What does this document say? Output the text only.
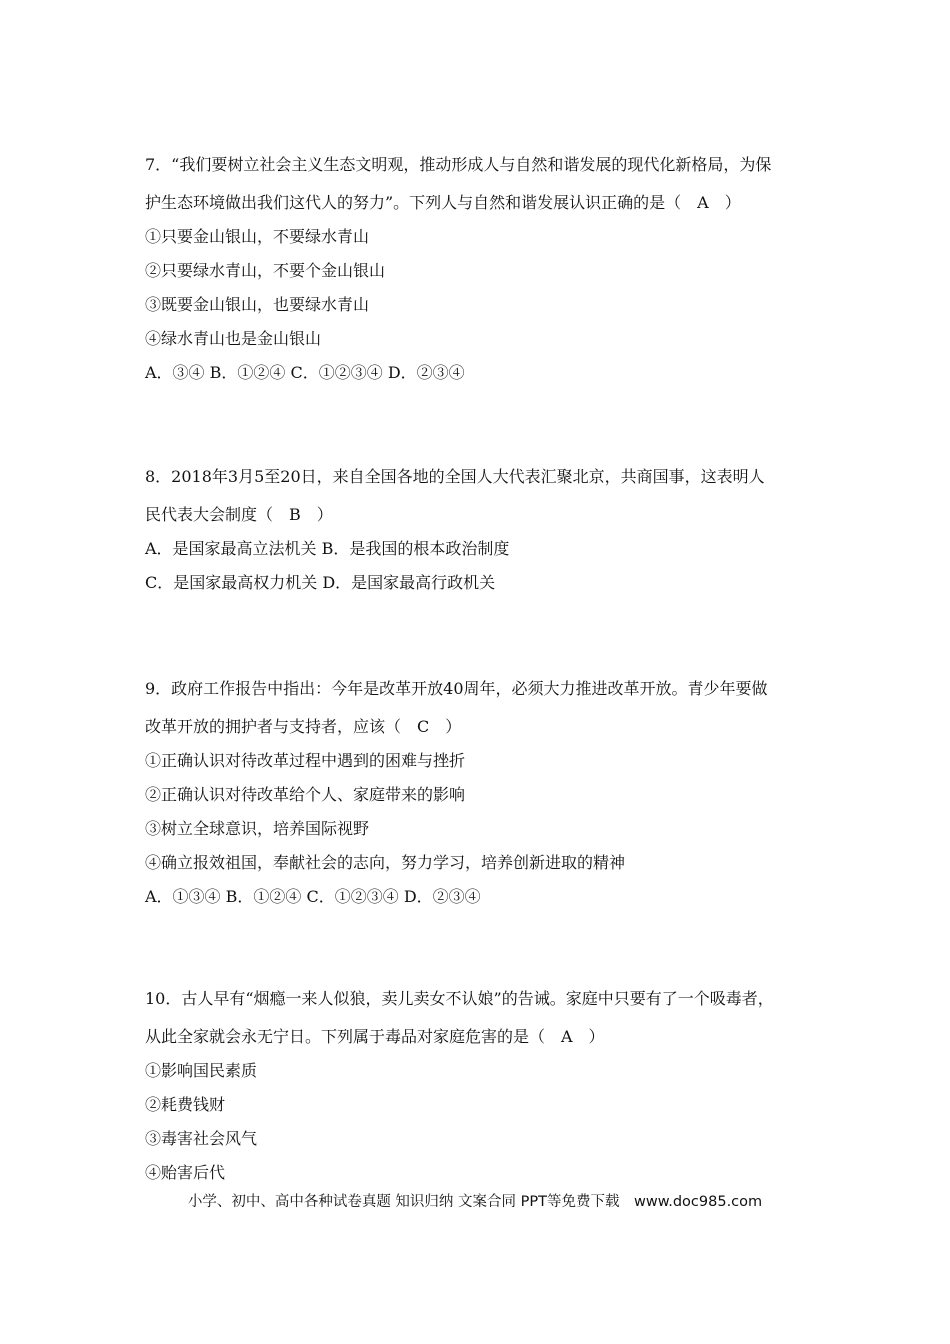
7．“我们要树立社会主义生态文明观，推动形成人与自然和谐发展的现代化新格局，为保
护生态环境做出我们这代人的努力”。下列人与自然和谐发展认识正确的是（　A　）
①只要金山银山，不要绿水青山
②只要绿水青山，不要个金山银山
③既要金山银山，也要绿水青山
④绿水青山也是金山银山
A．③④ B．①②④ C．①②③④ D．②③④
8．2018年3月5至20日，来自全国各地的全国人大代表汇聚北京，共商国事，这表明人
民代表大会制度（　B　）
A．是国家最高立法机关 B．是我国的根本政治制度
C．是国家最高权力机关 D．是国家最高行政机关
9．政府工作报告中指出：今年是改革开放40周年，必须大力推进改革开放。青少年要做
改革开放的拥护者与支持者，应该（　C　）
①正确认识对待改革过程中遇到的困难与挫折
②正确认识对待改革给个人、家庭带来的影响
③树立全球意识，培养国际视野
④确立报效祖国，奉献社会的志向，努力学习，培养创新进取的精神
A．①③④ B．①②④ C．①②③④ D．②③④
10．古人早有“烟瘾一来人似狼，卖儿卖女不认娘”的告诫。家庭中只要有了一个吸毒者，
从此全家就会永无宁日。下列属于毒品对家庭危害的是（　A　）
①影响国民素质
②耗费钱财
③毒害社会风气
④贻害后代
小学、初中、高中各种试卷真题 知识归纳 文案合同 PPT等免费下载　www.doc985.com
